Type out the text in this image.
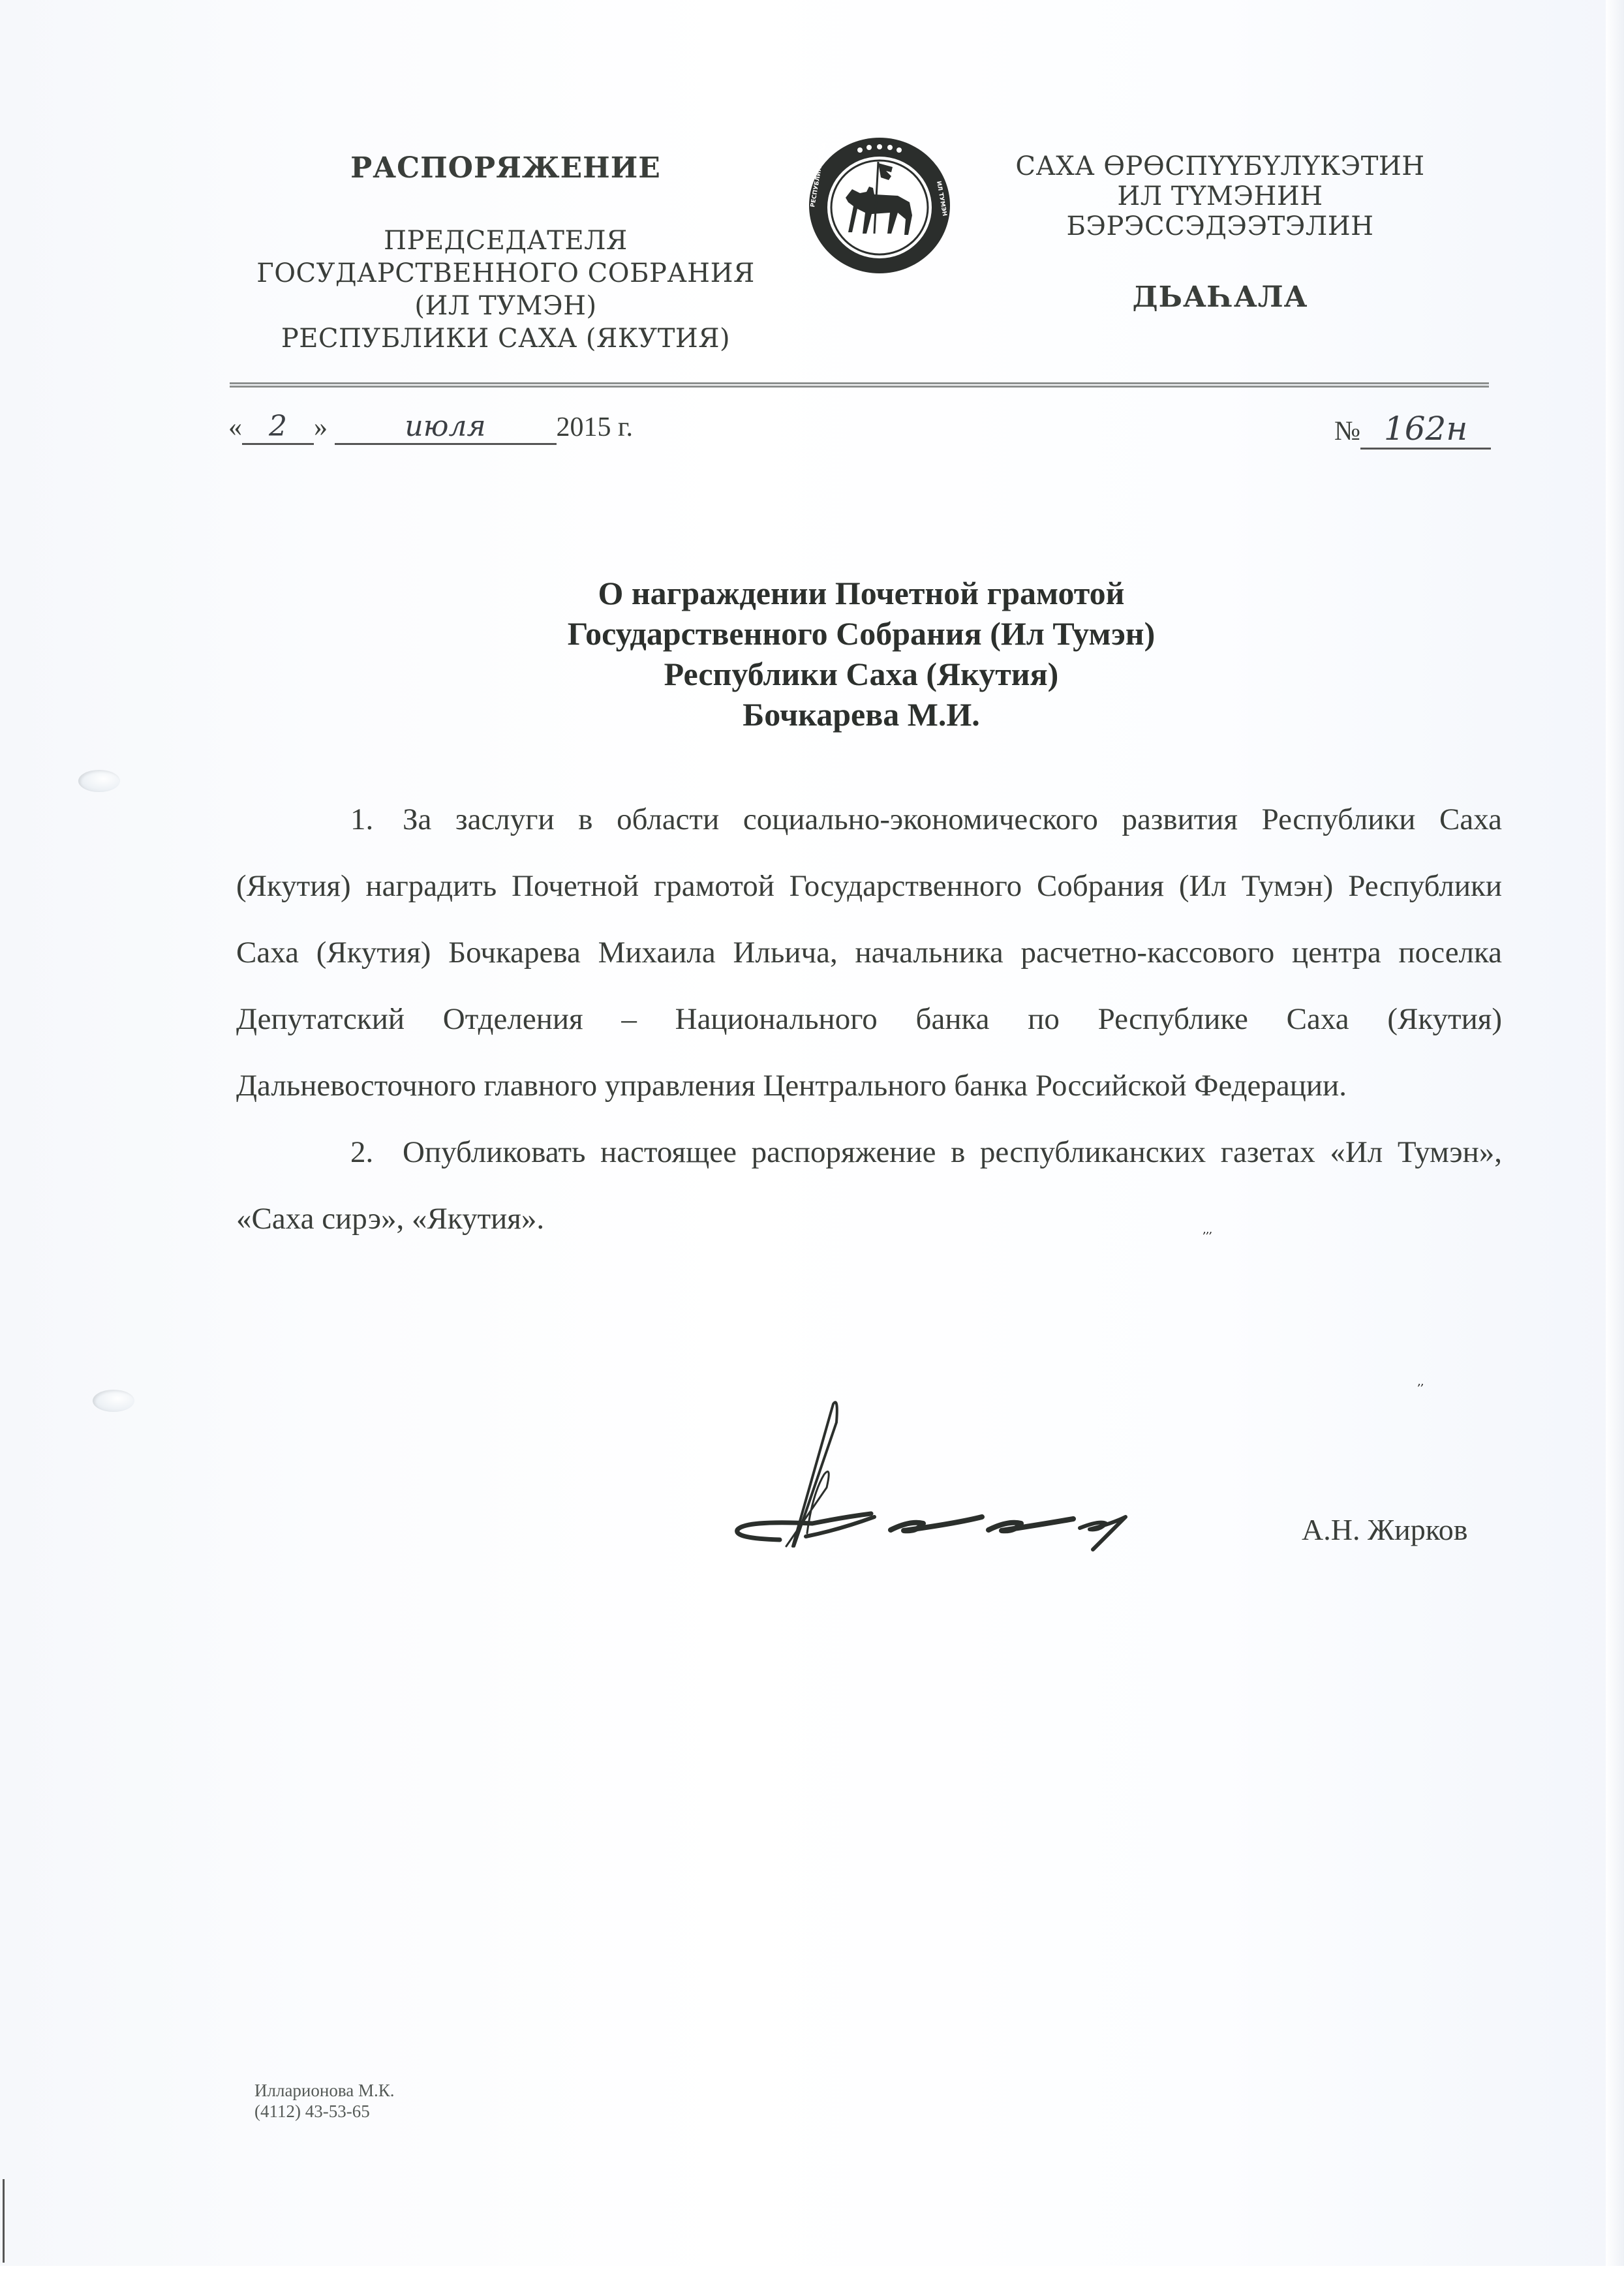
РАСПОРЯЖЕНИЕ
ПРЕДСЕДАТЕЛЯ
ГОСУДАРСТВЕННОГО СОБРАНИЯ
(ИЛ ТУМЭН)
РЕСПУБЛИКИ САХА (ЯКУТИЯ)
РЕСПУБЛИКА САХА	ИЛ ТУМЭН
САХА ӨРӨСПҮҮБҮЛҮКЭТИН
ИЛ ТҮМЭНИН
БЭРЭССЭДЭЭТЭЛИН
ДЬАҺАЛА
« 2 »	июля	2015 г.	№ 162н
О награждении Почетной грамотой
Государственного Собрания (Ил Тумэн)
Республики Саха (Якутия)
Бочкарева М.И.

1. За заслуги в области социально-экономического развития Республики Саха (Якутия) наградить Почетной грамотой Государственного Собрания (Ил Тумэн) Республики Саха (Якутия) Бочкарева Михаила Ильича, начальника расчетно-кассового центра поселка Депутатский Отделения – Национального банка по Республике Саха (Якутия) Дальневосточного главного управления Центрального банка Российской Федерации.

2. Опубликовать настоящее распоряжение в республиканских газетах «Ил Тумэн», «Саха сирэ», «Якутия».

՚՚՚
՚՚
А.Н. Жирков
Илларионова М.К.
(4112) 43-53-65
